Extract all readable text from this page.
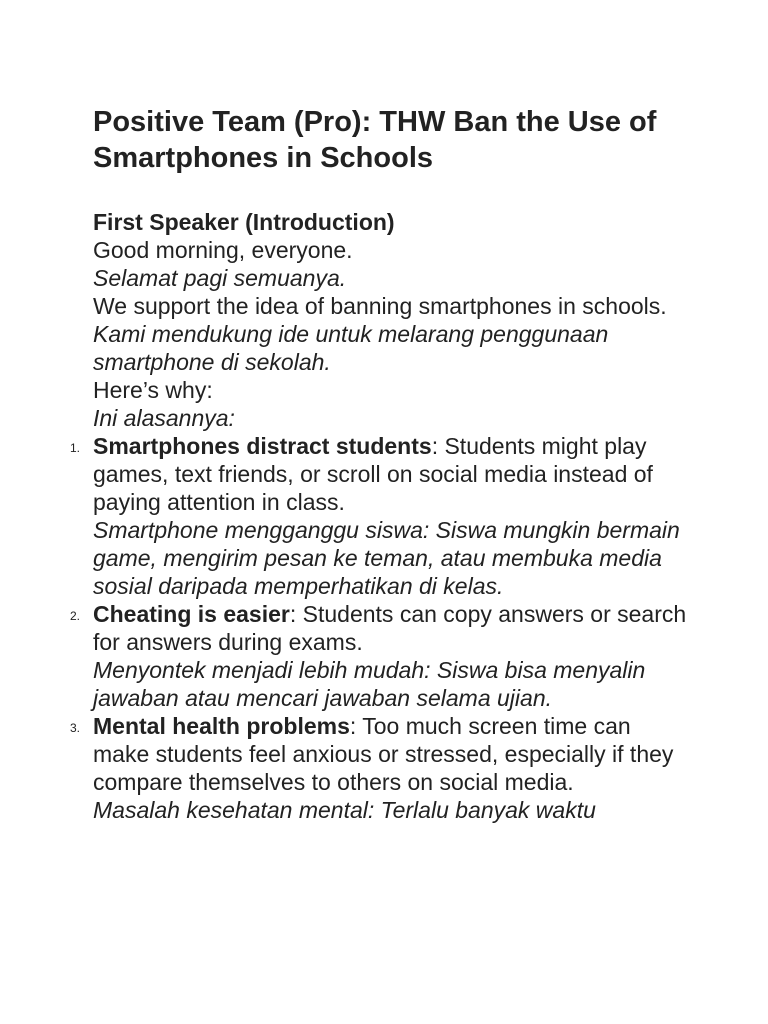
Positive Team (Pro): THW Ban the Use of Smartphones in Schools
First Speaker (Introduction)
Good morning, everyone.
Selamat pagi semuanya.
We support the idea of banning smartphones in schools.
Kami mendukung ide untuk melarang penggunaan smartphone di sekolah.
Here’s why:
Ini alasannya:
1. Smartphones distract students: Students might play games, text friends, or scroll on social media instead of paying attention in class.
Smartphone mengganggu siswa: Siswa mungkin bermain game, mengirim pesan ke teman, atau membuka media sosial daripada memperhatikan di kelas.
2. Cheating is easier: Students can copy answers or search for answers during exams.
Menyontek menjadi lebih mudah: Siswa bisa menyalin jawaban atau mencari jawaban selama ujian.
3. Mental health problems: Too much screen time can make students feel anxious or stressed, especially if they compare themselves to others on social media.
Masalah kesehatan mental: Terlalu banyak waktu
